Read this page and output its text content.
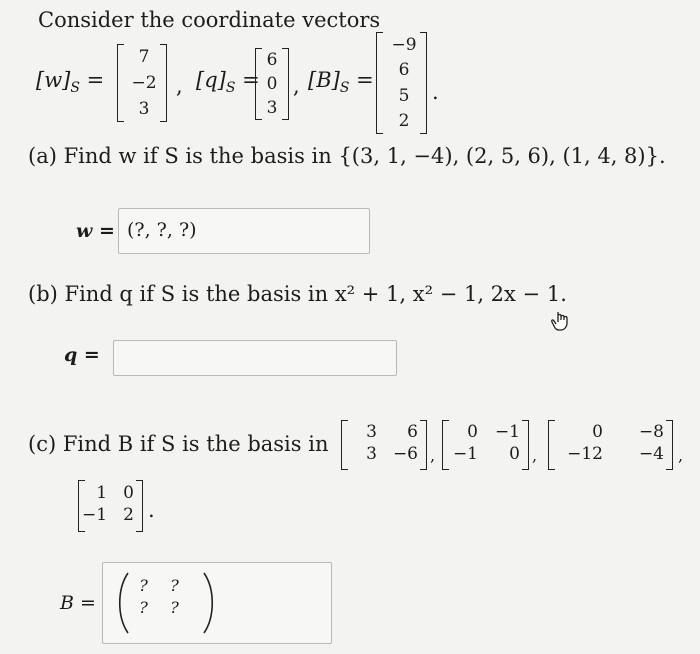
Consider the coordinate vectors
$[w]_S$ =
7
−2
3
, $[q]_S$ =
6
0
3
, $[B]_S$ =
−9
6
5
2
.
(a) Find w if S is the basis in {(3, 1, −4), (2, 5, 6), (1, 4, 8)}.
w = (?, ?, ?)
(b) Find q if S is the basis in x² + 1, x² − 1, 2x − 1.
q =
(c) Find B if S is the basis in	3	6
3 −6 ,
0 −1
−1	0 ,
0	−8
−12	−4 ,
1 0
−1 2 .
B =
? ?
? ?
